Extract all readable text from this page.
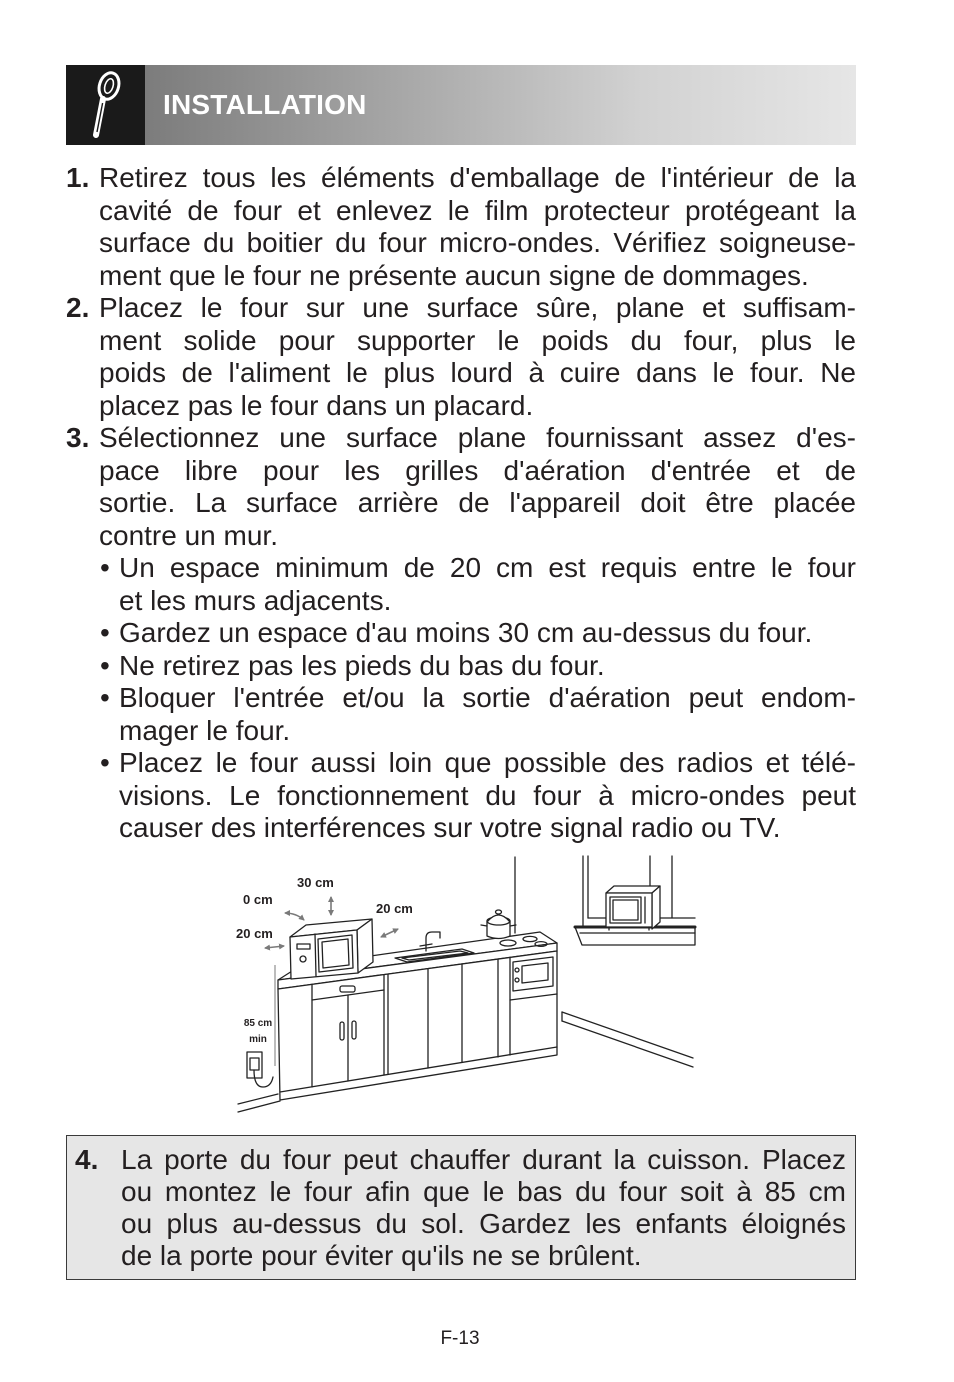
INSTALLATION
1. Retirez tous les éléments d'emballage de l'intérieur de la
cavité de four et enlevez le film protecteur protégeant la
surface du boitier du four micro-ondes. Vérifiez soigneuse-
ment que le four ne présente aucun signe de dommages.
2. Placez le four sur une surface sûre, plane et suffisam-
ment solide pour supporter le poids du four, plus le
poids de l'aliment le plus lourd à cuire dans le four. Ne
placez pas le four dans un placard.
3. Sélectionnez une surface plane fournissant assez d'es-
pace libre pour les grilles d'aération d'entrée et de
sortie. La surface arrière de l'appareil doit être placée
contre un mur.
• Un espace minimum de 20 cm est requis entre le four
et les murs adjacents.
• Gardez un espace d'au moins 30 cm au-dessus du four.
• Ne retirez pas les pieds du bas du four.
• Bloquer l'entrée et/ou la sortie d'aération peut endom-
mager le four.
• Placez le four aussi loin que possible des radios et télé-
visions. Le fonctionnement du four à micro-ondes peut
causer des interférences sur votre signal radio ou TV.
30 cm
0 cm
20 cm
20 cm
85 cm
min
4. La porte du four peut chauffer durant la cuisson. Placez
ou montez le four afin que le bas du four soit à 85 cm
ou plus au-dessus du sol. Gardez les enfants éloignés
de la porte pour éviter qu'ils ne se brûlent.
F-13
